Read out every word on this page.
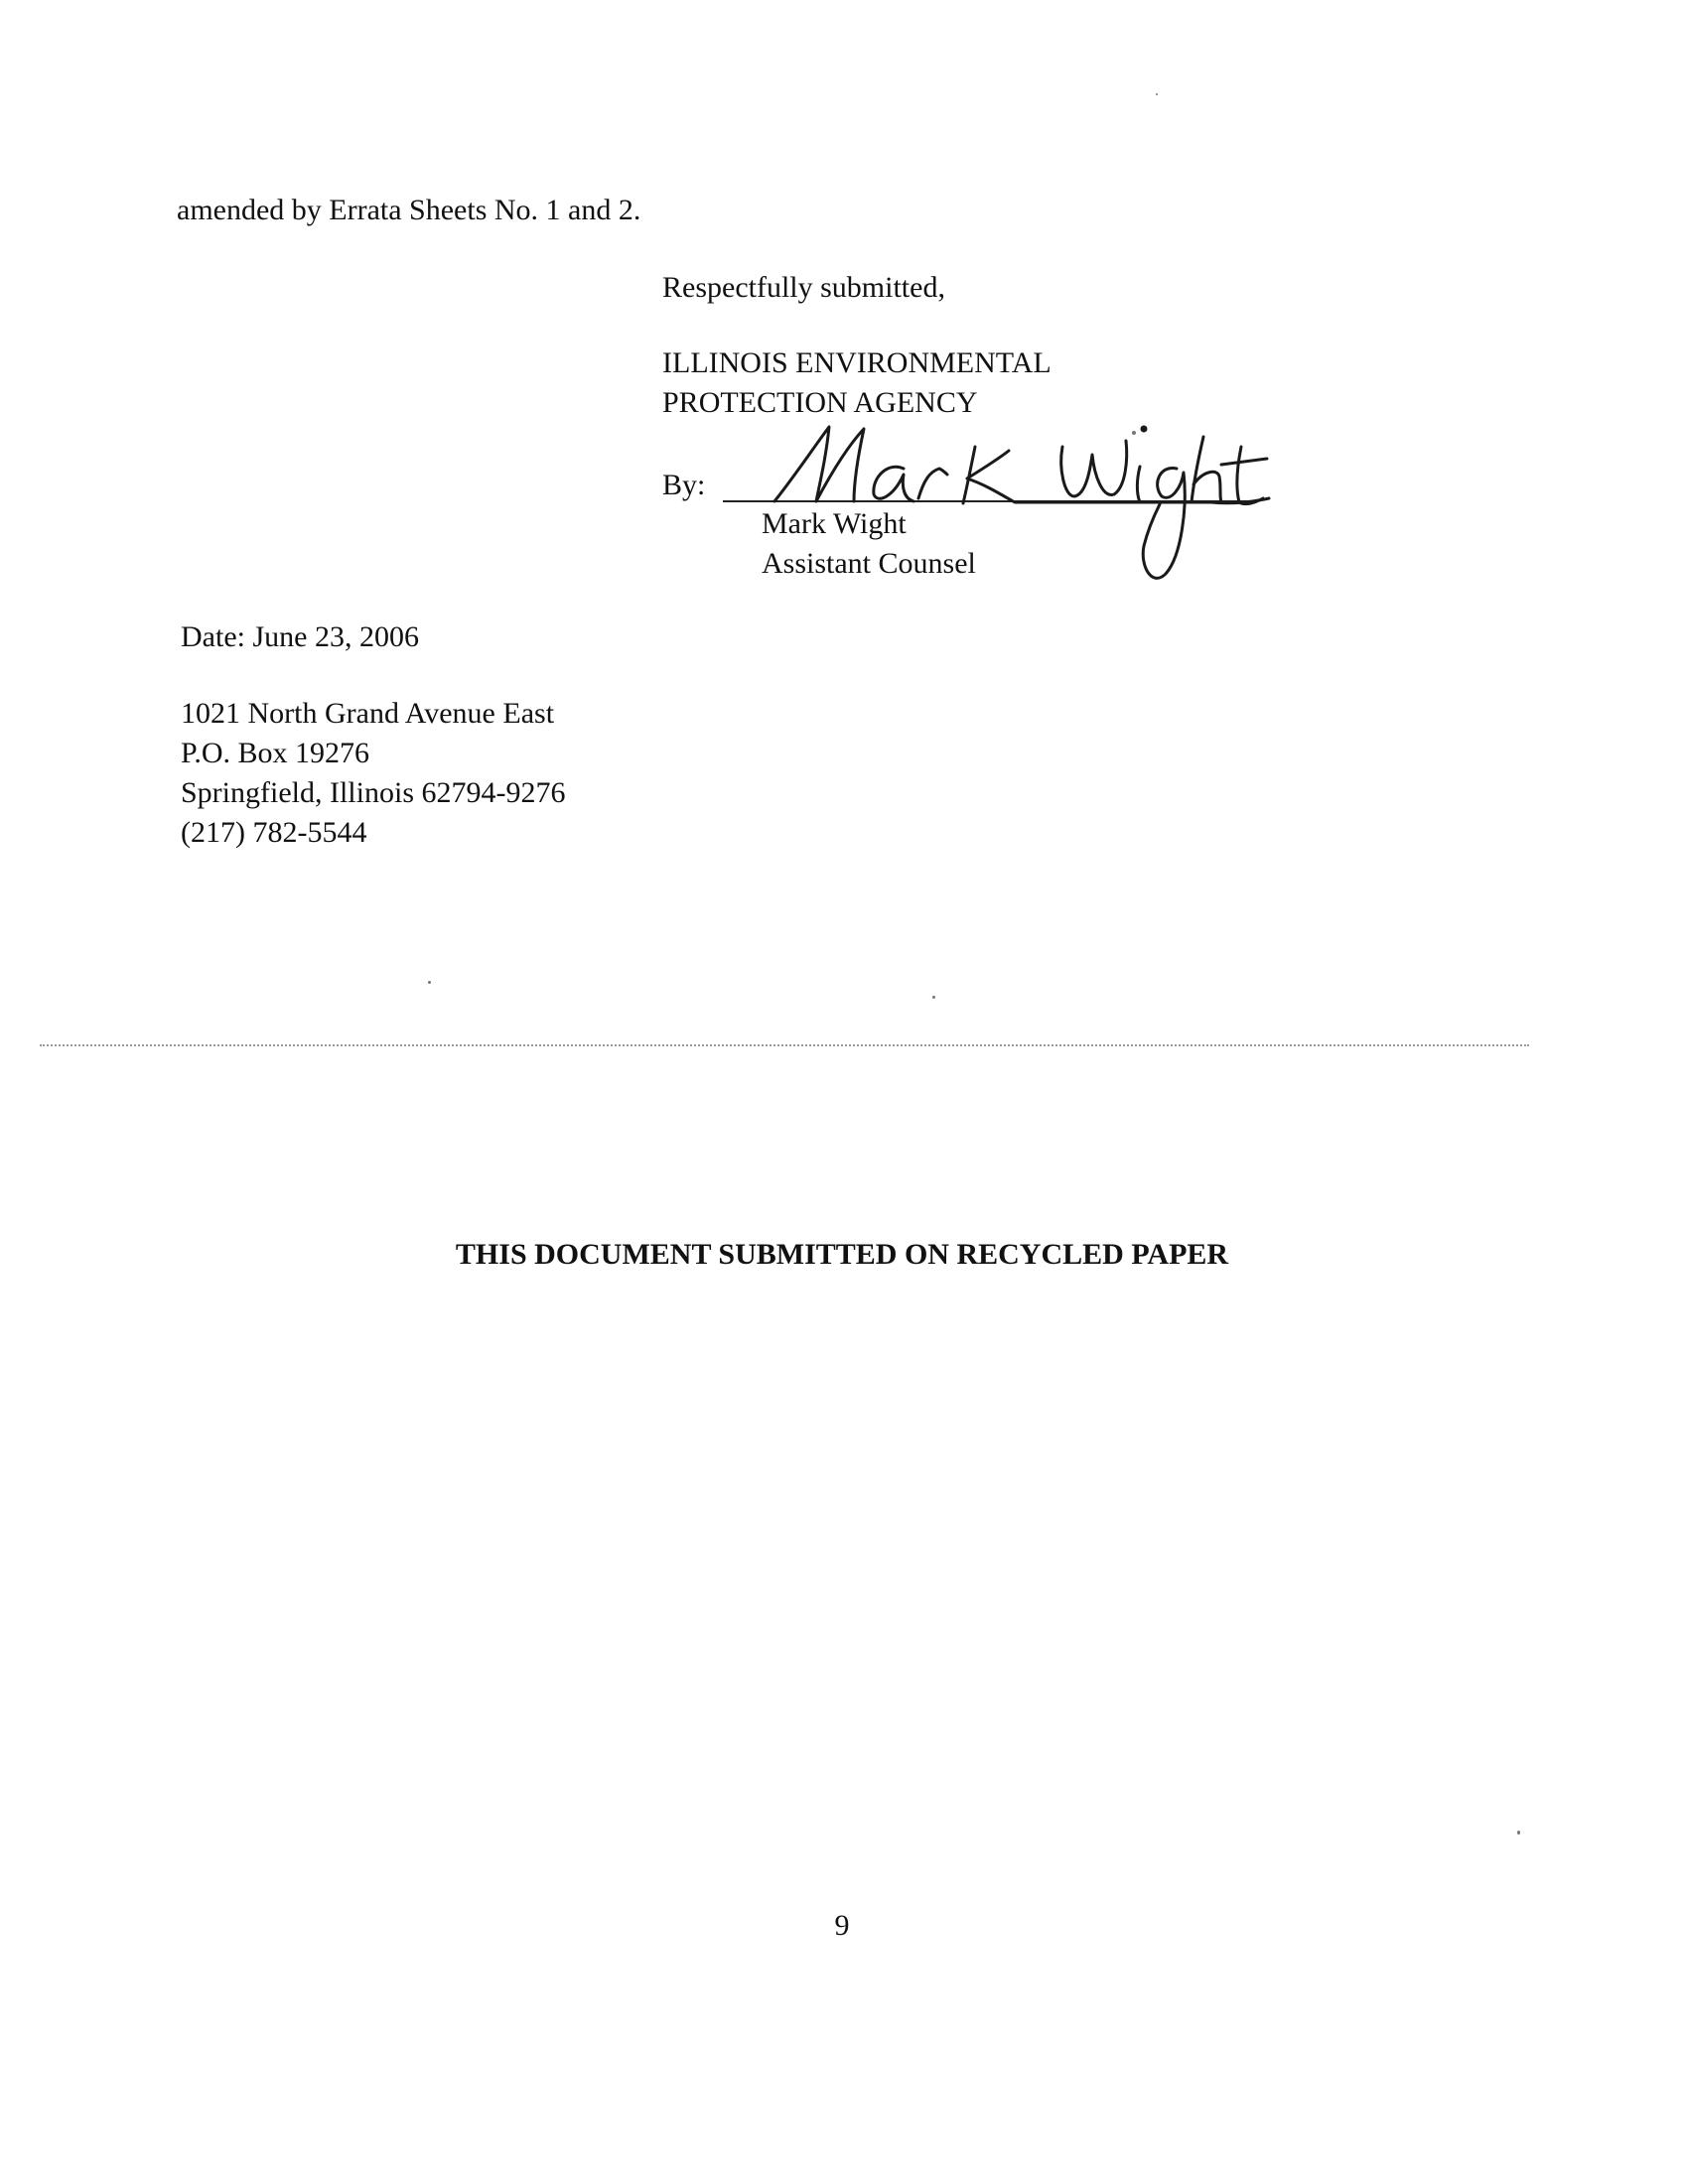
amended by Errata Sheets No. 1 and 2.

Respectfully submitted,

ILLINOIS ENVIRONMENTAL
PROTECTION AGENCY

By:

Mark Wight
Assistant Counsel

Date: June 23, 2006

1021 North Grand Avenue East
P.O. Box 19276
Springfield, Illinois 62794-9276
(217) 782-5544
THIS DOCUMENT SUBMITTED ON RECYCLED PAPER
9
